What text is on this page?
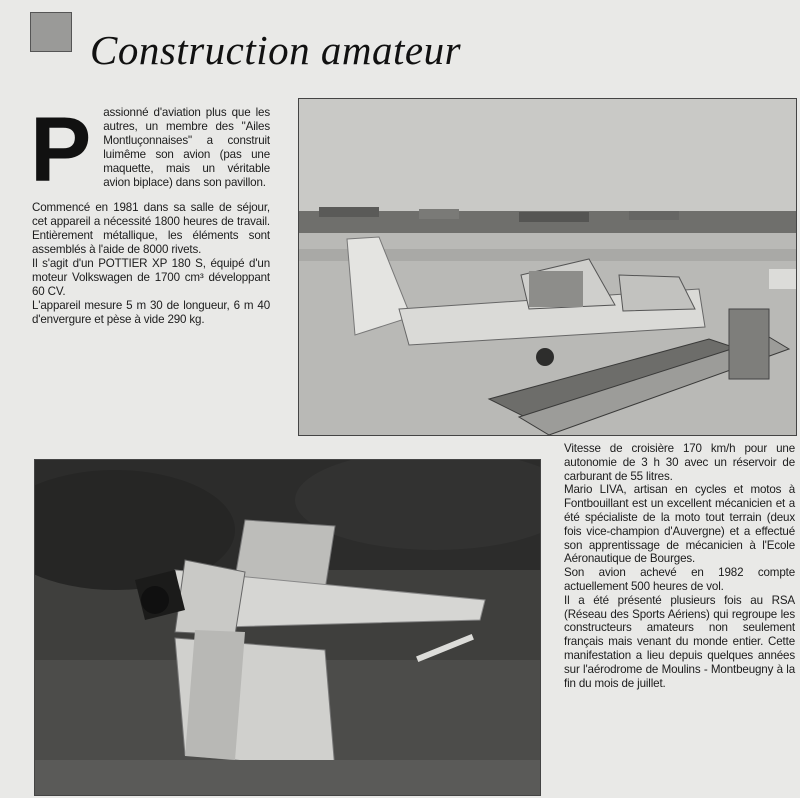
Construction amateur

P assionné d'aviation plus que les autres, un membre des "Ailes Montluçonnaises" a construit luimême son avion (pas une maquette, mais un véritable avion biplace) dans son pavillon.

Commencé en 1981 dans sa salle de séjour, cet appareil a nécessité 1800 heures de travail. Entièrement métallique, les éléments sont assemblés à l'aide de 8000 rivets.

Il s'agit d'un POTTIER XP 180 S, équipé d'un moteur Volkswagen de 1700 cm³ développant 60 CV.

L'appareil mesure 5 m 30 de longueur, 6 m 40 d'envergure et pèse à vide 290 kg.

Vitesse de croisière 170 km/h pour une autonomie de 3 h 30 avec un réservoir de carburant de 55 litres.

Mario LIVA, artisan en cycles et motos à Fontbouillant est un excellent mécanicien et a été spécialiste de la moto tout terrain (deux fois vice-champion d'Auvergne) et a effectué son apprentissage de mécanicien à l'Ecole Aéronautique de Bourges.

Son avion achevé en 1982 compte actuellement 500 heures de vol.

Il a été présenté plusieurs fois au RSA (Réseau des Sports Aériens) qui regroupe les constructeurs amateurs non seulement français mais venant du monde entier. Cette manifestation a lieu depuis quelques années sur l'aérodrome de Moulins - Montbeugny à la fin du mois de juillet.
